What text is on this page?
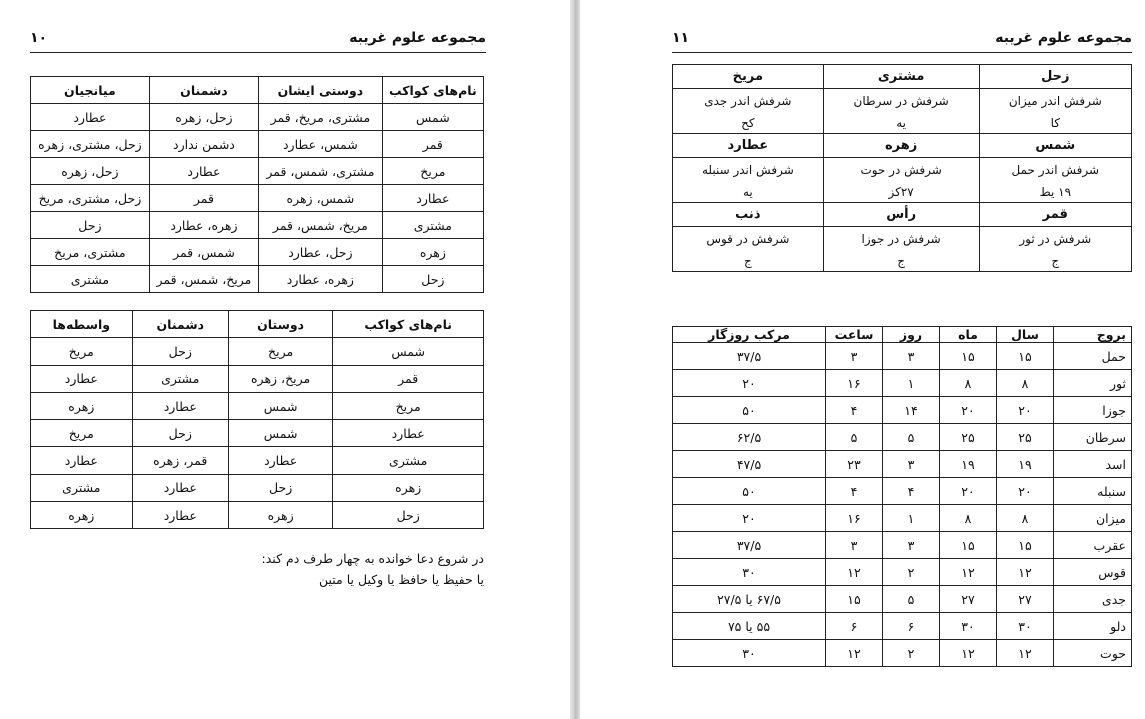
مجموعه علوم غریبه
۱۰
نام‌های کواکب	دوستی ایشان	دشمنان	میانجیان
شمس	مشتری، مریخ، قمر	زحل، زهره	عطارد
قمر	شمس، عطارد	دشمن ندارد	زحل، مشتری، زهره
مریخ	مشتری، شمس، قمر	عطارد	زحل، زهره
عطارد	شمس، زهره	قمر	زحل، مشتری، مریخ
مشتری	مریخ، شمس، قمر	زهره، عطارد	زحل
زهره	زحل، عطارد	شمس، قمر	مشتری، مریخ
زحل	زهره، عطارد	مریخ، شمس، قمر	مشتری
نام‌های کواکب	دوستان	دشمنان	واسطه‌ها
شمس	مریخ	زحل	مریخ
قمر	مریخ، زهره	مشتری	عطارد
مریخ	شمس	عطارد	زهره
عطارد	شمس	زحل	مریخ
مشتری	عطارد	قمر، زهره	عطارد
زهره	زحل	عطارد	مشتری
زحل	زهره	عطارد	زهره
در شروع دعا خوانده به چهار طرف دم کند:
یا حفیظ یا حافظ یا وکیل یا متین
مجموعه علوم غریبه
۱۱
زحل	مشتری	مریخ
شرفش اندر میزان	شرفش در سرطان	شرفش اندر جدی
کا	یه	کح
شمس	زهره	عطارد
شرفش اندر حمل	شرفش در حوت	شرفش اندر سنبله
۱۹ یط	۲۷کز	یه
قمر	رأس	ذنب
شرفش در ثور	شرفش در جوزا	شرفش در قوس
ج	ج	ج
بروج	سال	ماه	روز	ساعت	مرکب روزگار
حمل	۱۵	۱۵	۳	۳	۳۷/۵
ثور	۸	۸	۱	۱۶	۲۰
جوزا	۲۰	۲۰	۱۴	۴	۵۰
سرطان	۲۵	۲۵	۵	۵	۶۲/۵
اسد	۱۹	۱۹	۳	۲۳	۴۷/۵
سنبله	۲۰	۲۰	۴	۴	۵۰
میزان	۸	۸	۱	۱۶	۲۰
عقرب	۱۵	۱۵	۳	۳	۳۷/۵
قوس	۱۲	۱۲	۲	۱۲	۳۰
جدی	۲۷	۲۷	۵	۱۵	۶۷/۵ یا ۲۷/۵
دلو	۳۰	۳۰	۶	۶	۵۵ یا ۷۵
حوت	۱۲	۱۲	۲	۱۲	۳۰
